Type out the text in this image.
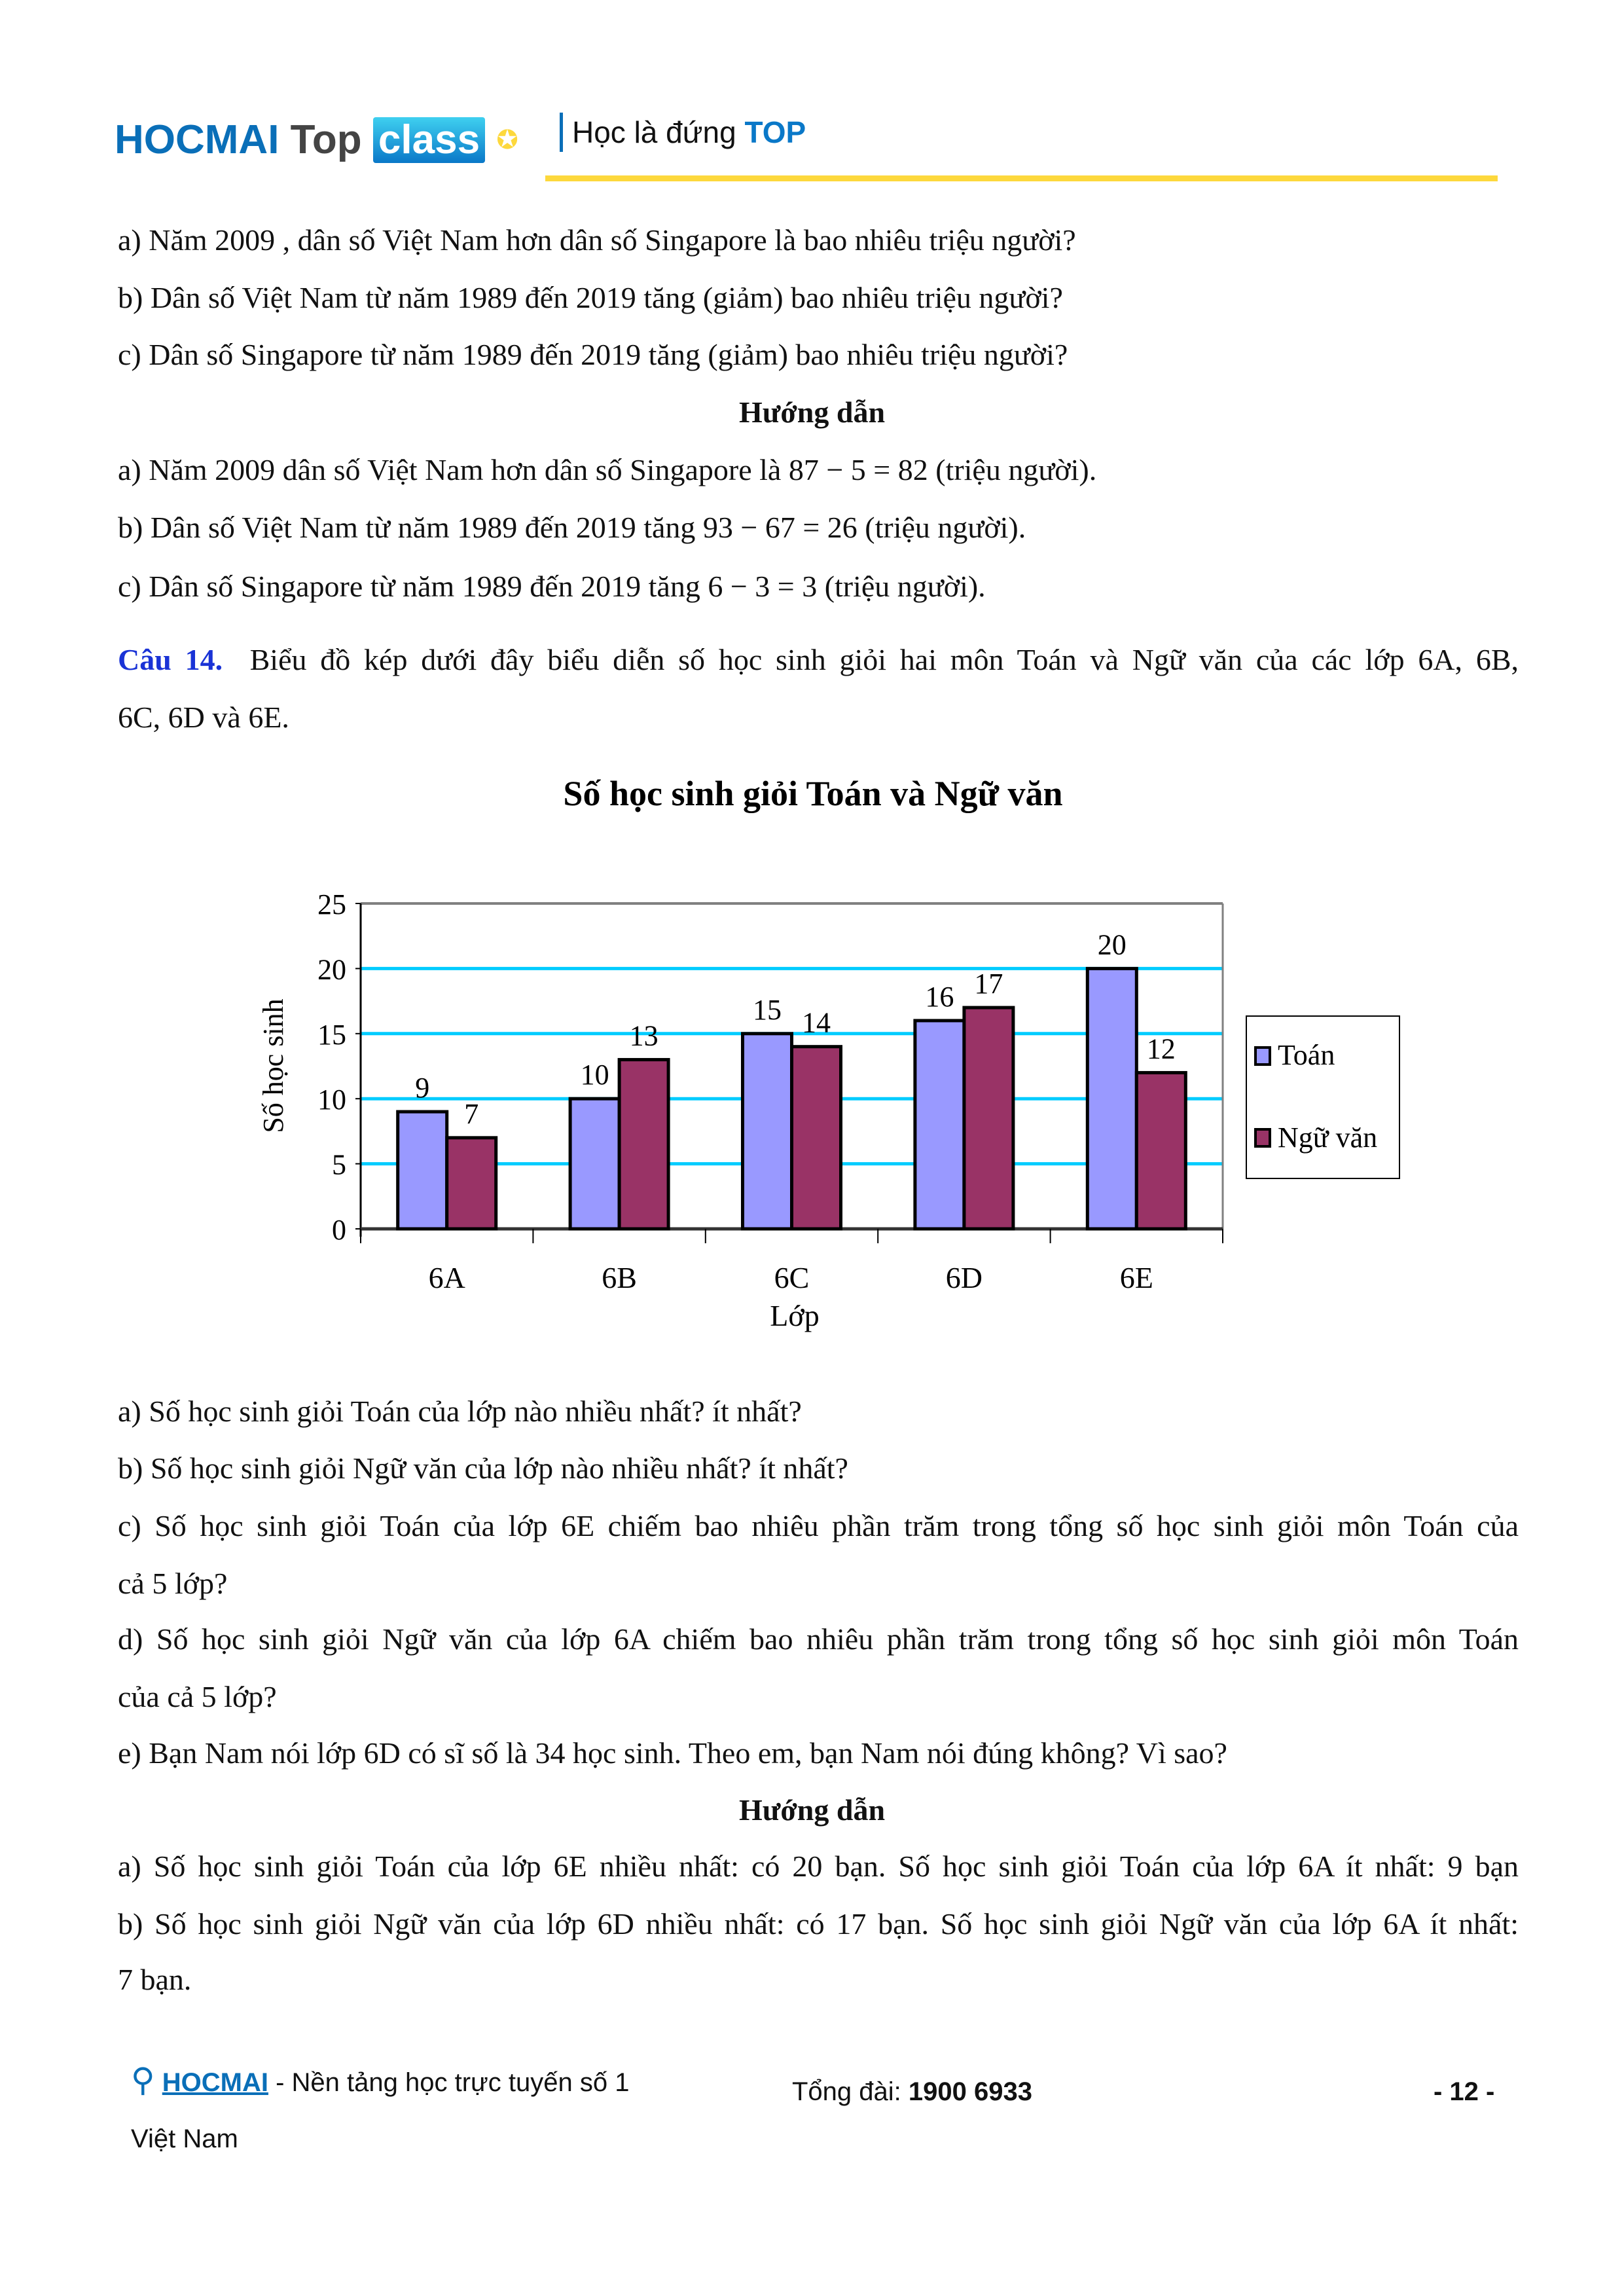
HOCMAI Top class ✪	Học là đứng TOP
a) Năm 2009 , dân số Việt Nam hơn dân số Singapore là bao nhiêu triệu người?
b) Dân số Việt Nam từ năm 1989 đến 2019 tăng (giảm) bao nhiêu triệu người?
c) Dân số Singapore từ năm 1989 đến 2019 tăng (giảm) bao nhiêu triệu người?
Hướng dẫn
a) Năm 2009 dân số Việt Nam hơn dân số Singapore là 87 − 5 = 82 (triệu người).
b) Dân số Việt Nam từ năm 1989 đến 2019 tăng 93 − 67 = 26 (triệu người).
c) Dân số Singapore từ năm 1989 đến 2019 tăng 6 − 3 = 3 (triệu người).
Câu 14. Biểu đồ kép dưới đây biểu diễn số học sinh giỏi hai môn Toán và Ngữ văn của các lớp 6A, 6B,
6C, 6D và 6E.
Số học sinh giỏi Toán và Ngữ văn
Số học sinh
Lớp
0
5
10
15
20
25
6A
9
7
6B
10
13
6C
15 14
6D
16 17
6E
20
12	Toán
Ngữ văn
a) Số học sinh giỏi Toán của lớp nào nhiều nhất? ít nhất?
b) Số học sinh giỏi Ngữ văn của lớp nào nhiều nhất? ít nhất?
c) Số học sinh giỏi Toán của lớp 6E chiếm bao nhiêu phần trăm trong tổng số học sinh giỏi môn Toán của
cả 5 lớp?
d) Số học sinh giỏi Ngữ văn của lớp 6A chiếm bao nhiêu phần trăm trong tổng số học sinh giỏi môn Toán
của cả 5 lớp?
e) Bạn Nam nói lớp 6D có sĩ số là 34 học sinh. Theo em, bạn Nam nói đúng không? Vì sao?
Hướng dẫn
a) Số học sinh giỏi Toán của lớp 6E nhiều nhất: có 20 bạn. Số học sinh giỏi Toán của lớp 6A ít nhất: 9 bạn
b) Số học sinh giỏi Ngữ văn của lớp 6D nhiều nhất: có 17 bạn. Số học sinh giỏi Ngữ văn của lớp 6A ít nhất:
7 bạn.
⚲ HOCMAI - Nền tảng học trực tuyến số 1
Việt Nam
Tổng đài: 1900 6933	- 12 -
